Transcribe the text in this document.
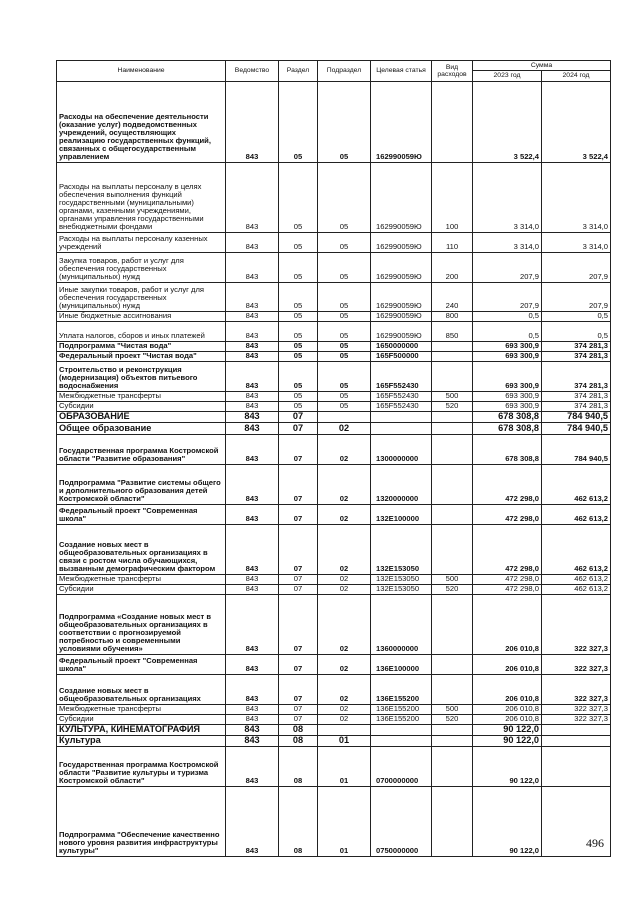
Наименование	Ведомство	Раздел	Подраздел	Целевая статья	Вид расходов	Сумма	
						2023 год	2024 год
Расходы на обеспечение деятельности (оказание услуг) подведомственных учреждений, осуществляющих реализацию государственных функций, связанных с общегосударственным управлением	843	05	05	162990059Ю		3 522,4	3 522,4
Расходы на выплаты персоналу в целях обеспечения выполнения функций государственными (муниципальными) органами, казенными учреждениями, органами управления государственными внебюджетными фондами	843	05	05	162990059Ю	100	3 314,0	3 314,0
Расходы на выплаты персоналу казенных учреждений	843	05	05	162990059Ю	110	3 314,0	3 314,0
Закупка товаров, работ и услуг для обеспечения государственных (муниципальных) нужд	843	05	05	162990059Ю	200	207,9	207,9
Иные закупки товаров, работ и услуг для обеспечения государственных (муниципальных) нужд	843	05	05	162990059Ю	240	207,9	207,9
Иные бюджетные ассигнования	843	05	05	162990059Ю	800	0,5	0,5
Уплата налогов, сборов и иных платежей	843	05	05	162990059Ю	850	0,5	0,5
Подпрограмма "Чистая вода"	843	05	05	1650000000		693 300,9	374 281,3
Федеральный проект "Чистая вода"	843	05	05	165F500000		693 300,9	374 281,3
Строительство и реконструкция (модернизация) объектов питьевого водоснабжения	843	05	05	165F552430		693 300,9	374 281,3
Межбюджетные трансферты	843	05	05	165F552430	500	693 300,9	374 281,3
Субсидии	843	05	05	165F552430	520	693 300,9	374 281,3
ОБРАЗОВАНИЕ	843	07				678 308,8	784 940,5
Общее образование	843	07	02			678 308,8	784 940,5
Государственная программа Костромской области "Развитие образования"	843	07	02	1300000000		678 308,8	784 940,5
Подпрограмма "Развитие системы общего и дополнительного образования детей Костромской области"	843	07	02	1320000000		472 298,0	462 613,2
Федеральный проект "Современная школа"	843	07	02	132E100000		472 298,0	462 613,2
Создание новых мест в общеобразовательных организациях в связи с ростом числа обучающихся, вызванным демографическим фактором	843	07	02	132E153050		472 298,0	462 613,2
Межбюджетные трансферты	843	07	02	132E153050	500	472 298,0	462 613,2
Субсидии	843	07	02	132E153050	520	472 298,0	462 613,2
Подпрограмма «Создание новых мест в общеобразовательных организациях в соответствии с прогнозируемой потребностью и современными условиями обучения»	843	07	02	1360000000		206 010,8	322 327,3
Федеральный проект "Современная школа"	843	07	02	136E100000		206 010,8	322 327,3
Создание новых мест в общеобразовательных организациях	843	07	02	136E155200		206 010,8	322 327,3
Межбюджетные трансферты	843	07	02	136E155200	500	206 010,8	322 327,3
Субсидии	843	07	02	136E155200	520	206 010,8	322 327,3
КУЛЬТУРА, КИНЕМАТОГРАФИЯ	843	08				90 122,0	
Культура	843	08	01			90 122,0	
Государственная программа Костромской области "Развитие культуры и туризма Костромской области"	843	08	01	0700000000		90 122,0	
Подпрограмма "Обеспечение качественно нового уровня развития инфраструктуры культуры"	843	08	01	0750000000		90 122,0	
496
